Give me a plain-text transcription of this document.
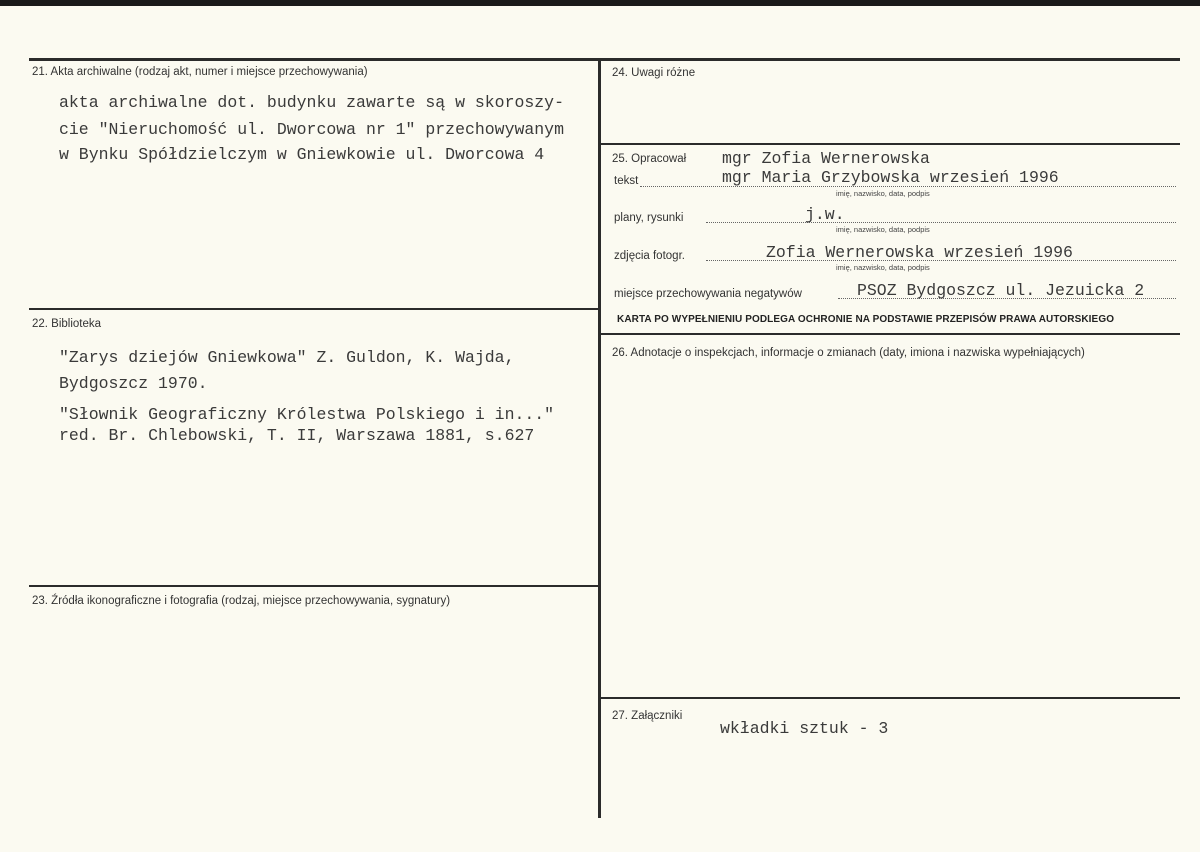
21. Akta archiwalne (rodzaj akt, numer i miejsce przechowywania)
akta archiwalne dot. budynku zawarte są w skoroszy-
cie "Nieruchomość ul. Dworcowa nr 1" przechowywanym
w Bynku Spółdzielczym w Gniewkowie ul. Dworcowa 4
22. Biblioteka
"Zarys dziejów Gniewkowa" Z. Guldon, K. Wajda,
Bydgoszcz 1970.
"Słownik Geograficzny Królestwa Polskiego i in..."
red. Br. Chlebowski, T. II, Warszawa 1881, s.627
23. Źródła ikonograficzne i fotografia (rodzaj, miejsce przechowywania, sygnatury)
24. Uwagi różne
25. Opracował mgr Zofia Wernerowska
tekst	mgr Maria Grzybowska wrzesień 1996
imię, nazwisko, data, podpis
plany, rysunki	j.w.
imię, nazwisko, data, podpis
zdjęcia fotogr.	Zofia Wernerowska wrzesień 1996
imię, nazwisko, data, podpis
miejsce przechowywania negatywów	PSOZ Bydgoszcz ul. Jezuicka 2
KARTA PO WYPEŁNIENIU PODLEGA OCHRONIE NA PODSTAWIE PRZEPISÓW PRAWA AUTORSKIEGO
26. Adnotacje o inspekcjach, informacje o zmianach (daty, imiona i nazwiska wypełniających)
27. Załączniki
wkładki sztuk - 3
